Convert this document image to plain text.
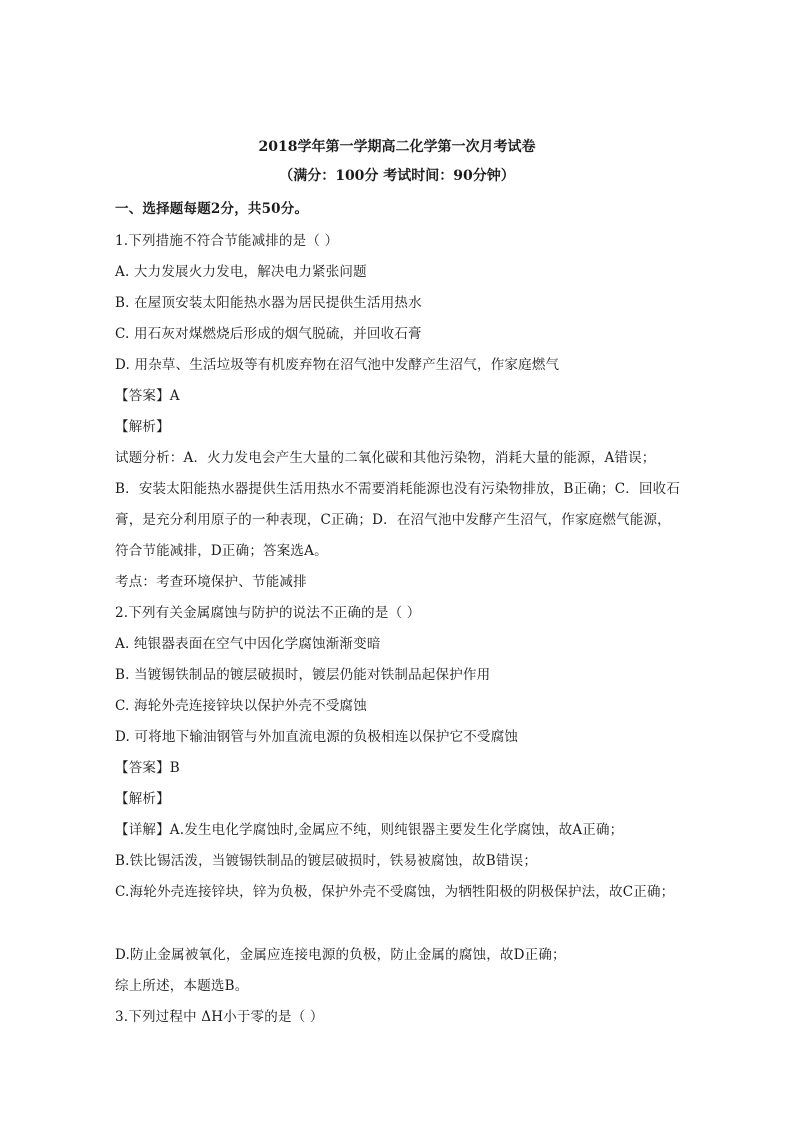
2018学年第一学期高二化学第一次月考试卷
（满分：100分 考试时间：90分钟）
一、选择题每题2分，共50分。
1.下列措施不符合节能减排的是（ ）
A. 大力发展火力发电，解决电力紧张问题
B. 在屋顶安装太阳能热水器为居民提供生活用热水
C. 用石灰对煤燃烧后形成的烟气脱硫，并回收石膏
D. 用杂草、生活垃圾等有机废弃物在沼气池中发酵产生沼气，作家庭燃气
【答案】A
【解析】
试题分析：A．火力发电会产生大量的二氧化碳和其他污染物，消耗大量的能源，A错误；
B．安装太阳能热水器提供生活用热水不需要消耗能源也没有污染物排放，B正确；C．回收石
膏，是充分利用原子的一种表现，C正确；D．在沼气池中发酵产生沼气，作家庭燃气能源，
符合节能减排，D正确；答案选A。
考点：考查环境保护、节能减排
2.下列有关金属腐蚀与防护的说法不正确的是（ ）
A. 纯银器表面在空气中因化学腐蚀渐渐变暗
B. 当镀锡铁制品的镀层破损时，镀层仍能对铁制品起保护作用
C. 海轮外壳连接锌块以保护外壳不受腐蚀
D. 可将地下输油钢管与外加直流电源的负极相连以保护它不受腐蚀
【答案】B
【解析】
【详解】A.发生电化学腐蚀时,金属应不纯，则纯银器主要发生化学腐蚀，故A正确；
B.铁比锡活泼，当镀锡铁制品的镀层破损时，铁易被腐蚀，故B错误；
C.海轮外壳连接锌块，锌为负极，保护外壳不受腐蚀，为牺牲阳极的阴极保护法，故C正确；
D.防止金属被氧化，金属应连接电源的负极，防止金属的腐蚀，故D正确；
综上所述，本题选B。
3.下列过程中 ΔH小于零的是（ ）
